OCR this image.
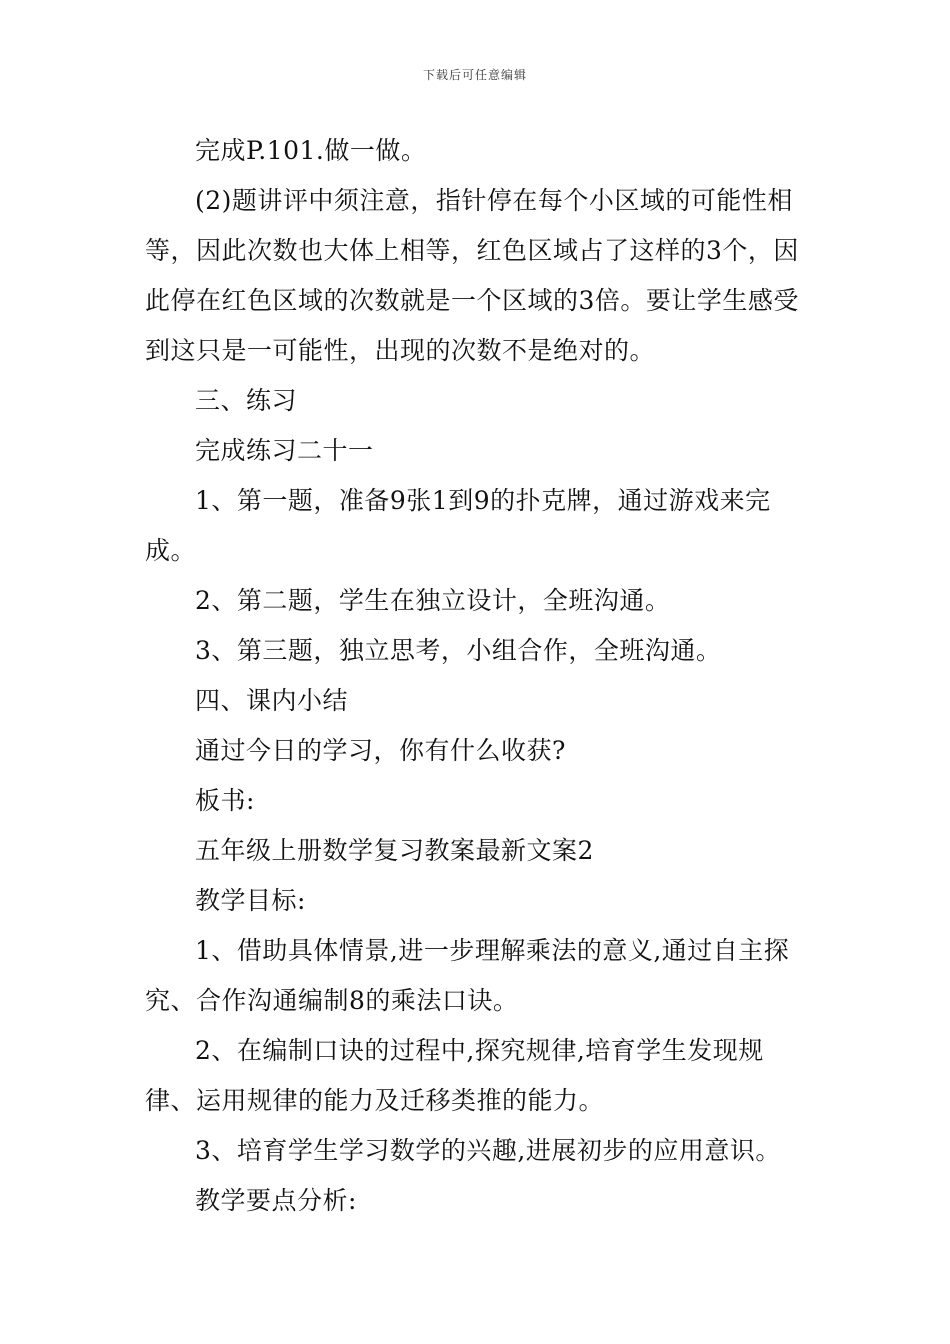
下载后可任意编辑

完成P.101.做一做。

(2)题讲评中须注意，指针停在每个小区域的可能性相等，因此次数也大体上相等，红色区域占了这样的3个，因此停在红色区域的次数就是一个区域的3倍。要让学生感受到这只是一可能性，出现的次数不是绝对的。

三、练习

完成练习二十一

1、第一题，准备9张1到9的扑克牌，通过游戏来完成。

2、第二题，学生在独立设计，全班沟通。

3、第三题，独立思考，小组合作，全班沟通。

四、课内小结

通过今日的学习，你有什么收获?

板书:

五年级上册数学复习教案最新文案2

教学目标:

1、借助具体情景,进一步理解乘法的意义,通过自主探究、合作沟通编制8的乘法口诀。

2、在编制口诀的过程中,探究规律,培育学生发现规律、运用规律的能力及迁移类推的能力。

3、培育学生学习数学的兴趣,进展初步的应用意识。

教学要点分析:
